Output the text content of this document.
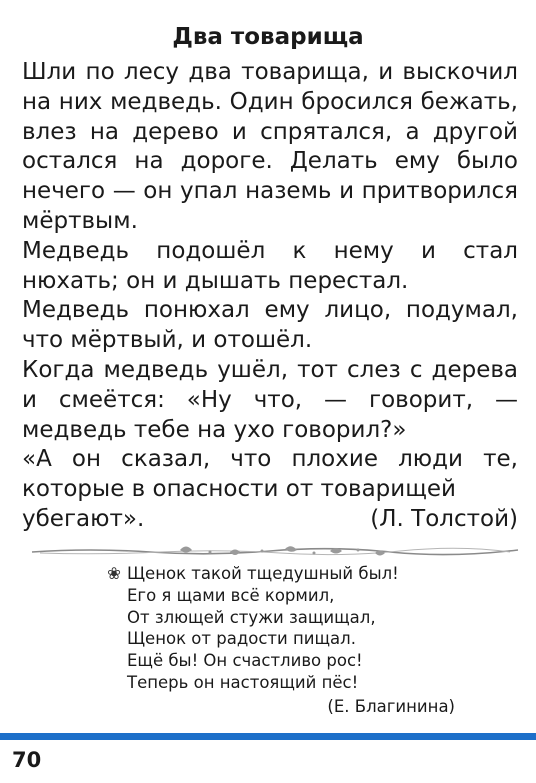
Два товарища

Шли по лесу два товарища, и выскочил на них медведь. Один бросился бежать, влез на дерево и спрятался, а другой остался на дороге. Делать ему было нечего — он упал наземь и притворился мёртвым.

Медведь подошёл к нему и стал нюхать; он и дышать перестал.

Медведь понюхал ему лицо, подумал, что мёртвый, и отошёл.

Когда медведь ушёл, тот слез с дерева и смеётся: «Ну что, — говорит, — медведь тебе на ухо говорил?»

«А он сказал, что плохие люди те, которые в опасности от товарищей

убегают».	(Л. Толстой)
❀ Щенок такой тщедушный был!
Его я щами всё кормил,
От злющей стужи защищал,
Щенок от радости пищал.
Ещё бы! Он счастливо рос!
Теперь он настоящий пёс!
(Е. Благинина)
70
